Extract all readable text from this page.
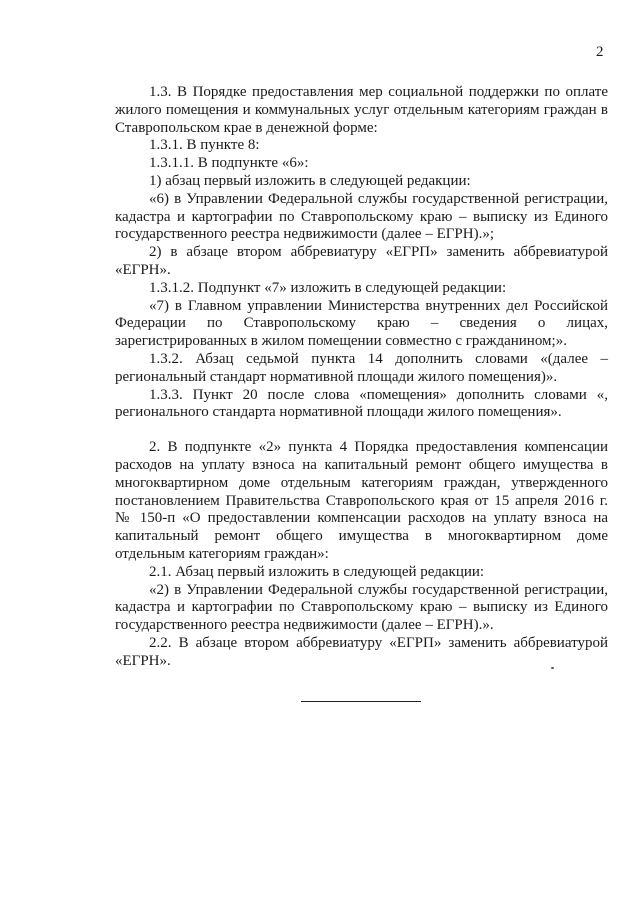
2

1.3. В Порядке предоставления мер социальной поддержки по оплате жилого помещения и коммунальных услуг отдельным категориям граждан в Ставропольском крае в денежной форме:

1.3.1. В пункте 8:

1.3.1.1. В подпункте «6»:

1) абзац первый изложить в следующей редакции:

«6) в Управлении Федеральной службы государственной регистрации, кадастра и картографии по Ставропольскому краю – выписку из Единого государственного реестра недвижимости (далее – ЕГРН).»;

2) в абзаце втором аббревиатуру «ЕГРП» заменить аббревиатурой «ЕГРН».

1.3.1.2. Подпункт «7» изложить в следующей редакции:

«7) в Главном управлении Министерства внутренних дел Российской Федерации по Ставропольскому краю – сведения о лицах, зарегистрированных в жилом помещении совместно с гражданином;».

1.3.2. Абзац седьмой пункта 14 дополнить словами «(далее – региональный стандарт нормативной площади жилого помещения)».

1.3.3. Пункт 20 после слова «помещения» дополнить словами «, регионального стандарта нормативной площади жилого помещения».

2. В подпункте «2» пункта 4 Порядка предоставления компенсации расходов на уплату взноса на капитальный ремонт общего имущества в многоквартирном доме отдельным категориям граждан, утвержденного постановлением Правительства Ставропольского края от 15 апреля 2016 г. № 150-п «О предоставлении компенсации расходов на уплату взноса на капитальный ремонт общего имущества в многоквартирном доме отдельным категориям граждан»:

2.1. Абзац первый изложить в следующей редакции:

«2) в Управлении Федеральной службы государственной регистрации, кадастра и картографии по Ставропольскому краю – выписку из Единого государственного реестра недвижимости (далее – ЕГРН).».

2.2. В абзаце втором аббревиатуру «ЕГРП» заменить аббревиатурой «ЕГРН».
